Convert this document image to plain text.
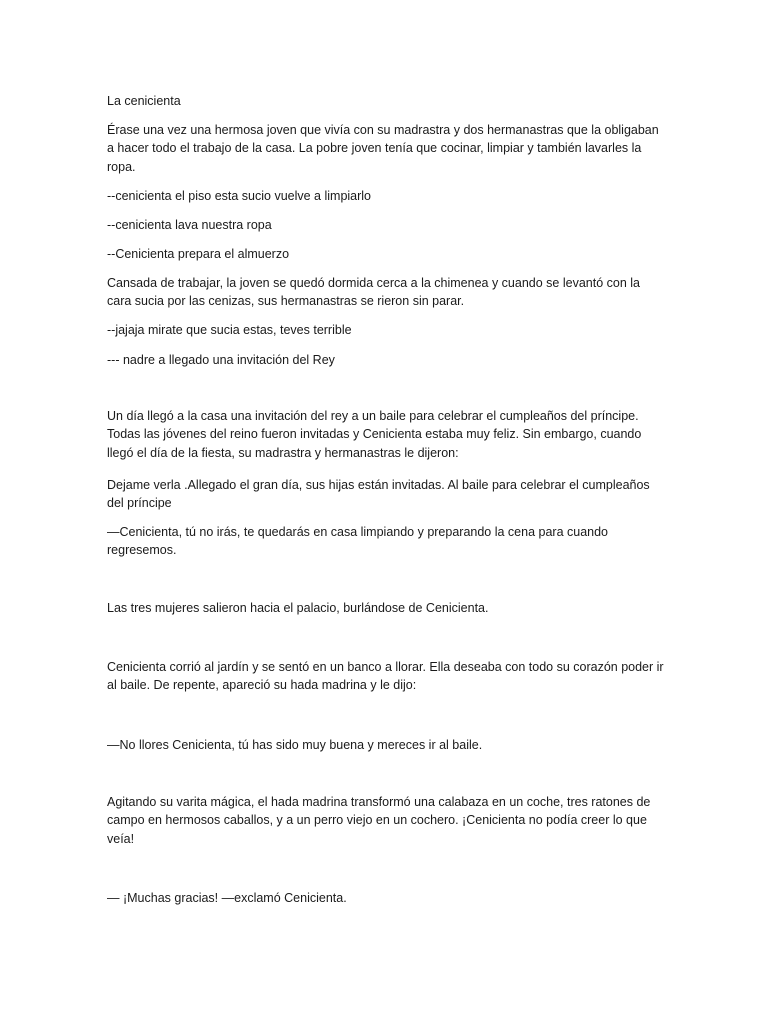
La cenicienta

Érase una vez una hermosa joven que vivía con su madrastra y dos hermanastras que la obligaban a hacer todo el trabajo de la casa. La pobre joven tenía que cocinar, limpiar y también lavarles la ropa.

--cenicienta el piso esta sucio vuelve a limpiarlo

--cenicienta lava nuestra ropa

--Cenicienta prepara el almuerzo

Cansada de trabajar, la joven se quedó dormida cerca a la chimenea y cuando se levantó con la cara sucia por las cenizas, sus hermanastras se rieron sin parar.

--jajaja mirate que sucia estas, teves terrible

--- nadre a llegado una invitación del Rey

Un día llegó a la casa una invitación del rey a un baile para celebrar el cumpleaños del príncipe. Todas las jóvenes del reino fueron invitadas y Cenicienta estaba muy feliz. Sin embargo, cuando llegó el día de la fiesta, su madrastra y hermanastras le dijeron:

Dejame verla .Allegado el gran día, sus hijas están invitadas. Al baile para celebrar el cumpleaños del príncipe

—Cenicienta, tú no irás, te quedarás en casa limpiando y preparando la cena para cuando regresemos.

Las tres mujeres salieron hacia el palacio, burlándose de Cenicienta.

Cenicienta corrió al jardín y se sentó en un banco a llorar. Ella deseaba con todo su corazón poder ir al baile. De repente, apareció su hada madrina y le dijo:

—No llores Cenicienta, tú has sido muy buena y mereces ir al baile.

Agitando su varita mágica, el hada madrina transformó una calabaza en un coche, tres ratones de campo en hermosos caballos, y a un perro viejo en un cochero. ¡Cenicienta no podía creer lo que veía!

— ¡Muchas gracias! —exclamó Cenicienta.
